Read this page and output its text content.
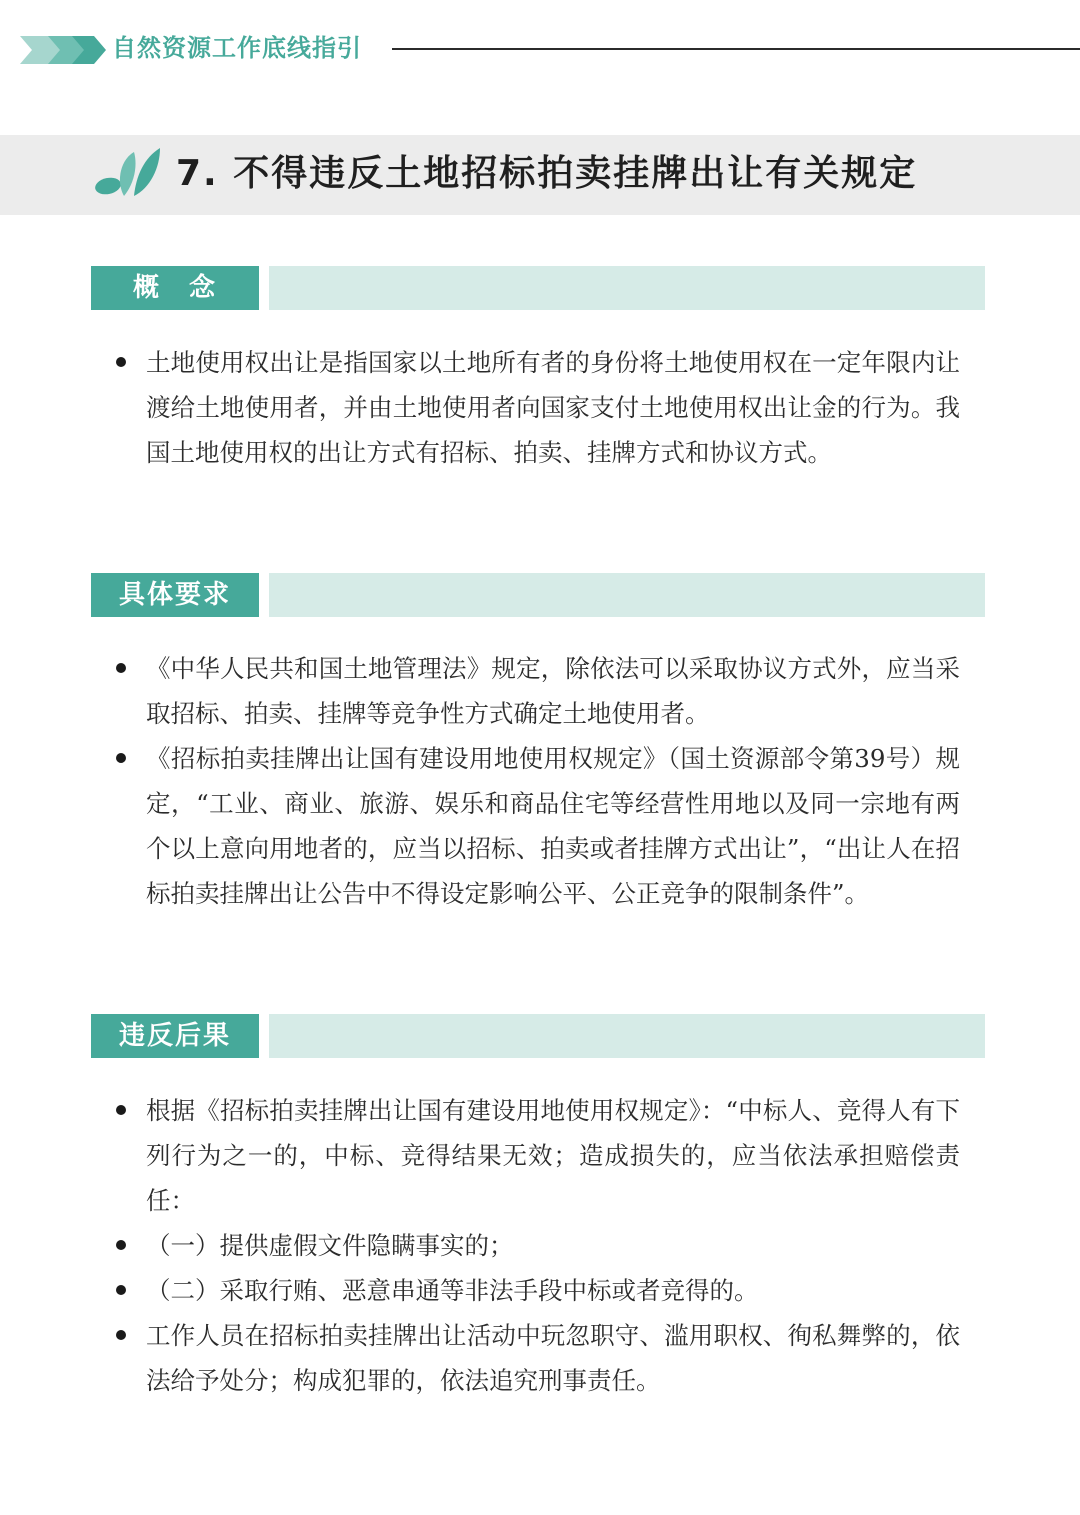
自然资源工作底线指引
7. 不得违反土地招标拍卖挂牌出让有关规定
概　念
土地使用权出让是指国家以土地所有者的身份将土地使用权在一定年限内让渡给土地使用者，并由土地使用者向国家支付土地使用权出让金的行为。我国土地使用权的出让方式有招标、拍卖、挂牌方式和协议方式。
具体要求
《中华人民共和国土地管理法》规定，除依法可以采取协议方式外，应当采取招标、拍卖、挂牌等竞争性方式确定土地使用者。
《招标拍卖挂牌出让国有建设用地使用权规定》（国土资源部令第39号）规定，“工业、商业、旅游、娱乐和商品住宅等经营性用地以及同一宗地有两个以上意向用地者的，应当以招标、拍卖或者挂牌方式出让”，“出让人在招标拍卖挂牌出让公告中不得设定影响公平、公正竞争的限制条件”。
违反后果
根据《招标拍卖挂牌出让国有建设用地使用权规定》：“中标人、竞得人有下列行为之一的，中标、竞得结果无效；造成损失的，应当依法承担赔偿责任：
（一）提供虚假文件隐瞒事实的；
（二）采取行贿、恶意串通等非法手段中标或者竞得的。
工作人员在招标拍卖挂牌出让活动中玩忽职守、滥用职权、徇私舞弊的，依法给予处分；构成犯罪的，依法追究刑事责任。
